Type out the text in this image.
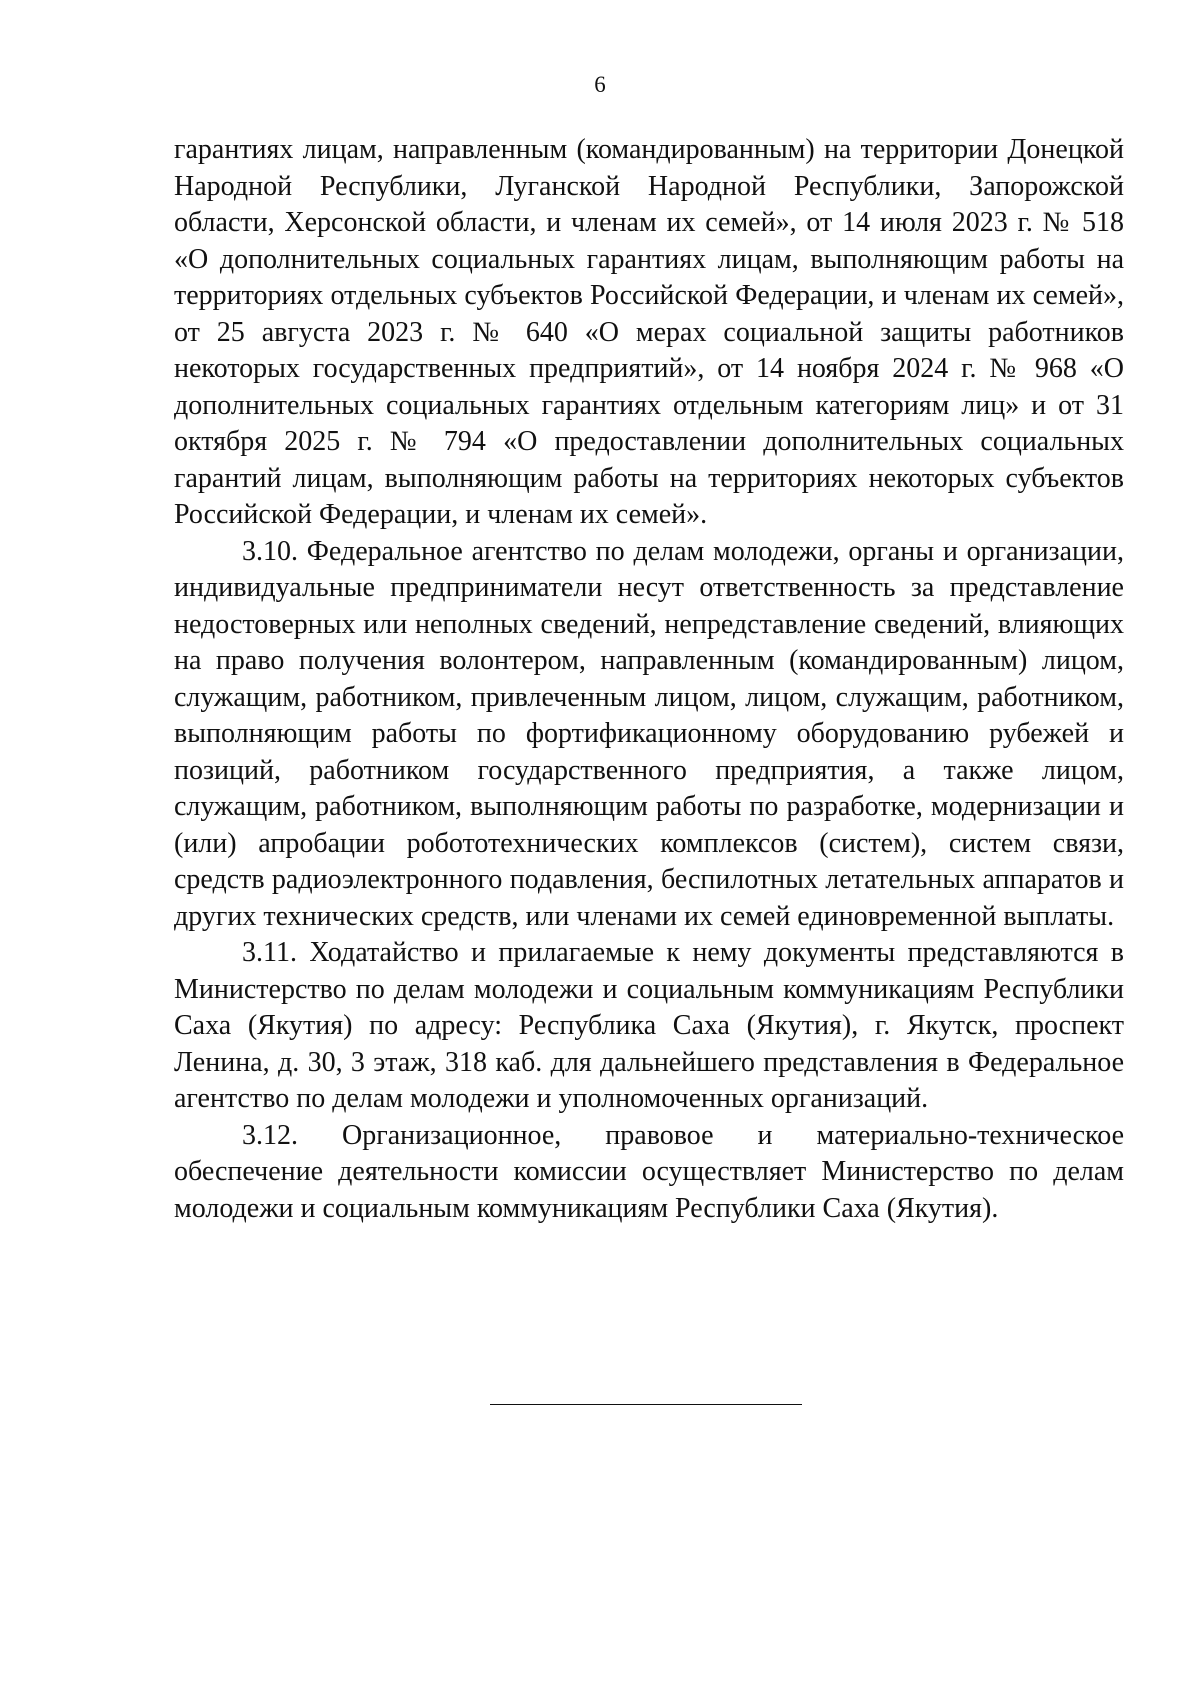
6

гарантиях лицам, направленным (командированным) на территории Донецкой Народной Республики, Луганской Народной Республики, Запорожской области, Херсонской области, и членам их семей», от 14 июля 2023 г. № 518 «О дополнительных социальных гарантиях лицам, выполняющим работы на территориях отдельных субъектов Российской Федерации, и членам их семей», от 25 августа 2023 г. № 640 «О мерах социальной защиты работников некоторых государственных предприятий», от 14 ноября 2024 г. № 968 «О дополнительных социальных гарантиях отдельным категориям лиц» и от 31 октября 2025 г. № 794 «О предоставлении дополнительных социальных гарантий лицам, выполняющим работы на территориях некоторых субъектов Российской Федерации, и членам их семей».

3.10. Федеральное агентство по делам молодежи, органы и организации, индивидуальные предприниматели несут ответственность за представление недостоверных или неполных сведений, непредставление сведений, влияющих на право получения волонтером, направленным (командированным) лицом, служащим, работником, привлеченным лицом, лицом, служащим, работником, выполняющим работы по фортификационному оборудованию рубежей и позиций, работником государственного предприятия, а также лицом, служащим, работником, выполняющим работы по разработке, модернизации и (или) апробации робототехнических комплексов (систем), систем связи, средств радиоэлектронного подавления, беспилотных летательных аппаратов и других технических средств, или членами их семей единовременной выплаты.

3.11. Ходатайство и прилагаемые к нему документы представляются в Министерство по делам молодежи и социальным коммуникациям Республики Саха (Якутия) по адресу: Республика Саха (Якутия), г. Якутск, проспект Ленина, д. 30, 3 этаж, 318 каб. для дальнейшего представления в Федеральное агентство по делам молодежи и уполномоченных организаций.

3.12. Организационное, правовое и материально-техническое обеспечение деятельности комиссии осуществляет Министерство по делам молодежи и социальным коммуникациям Республики Саха (Якутия).
